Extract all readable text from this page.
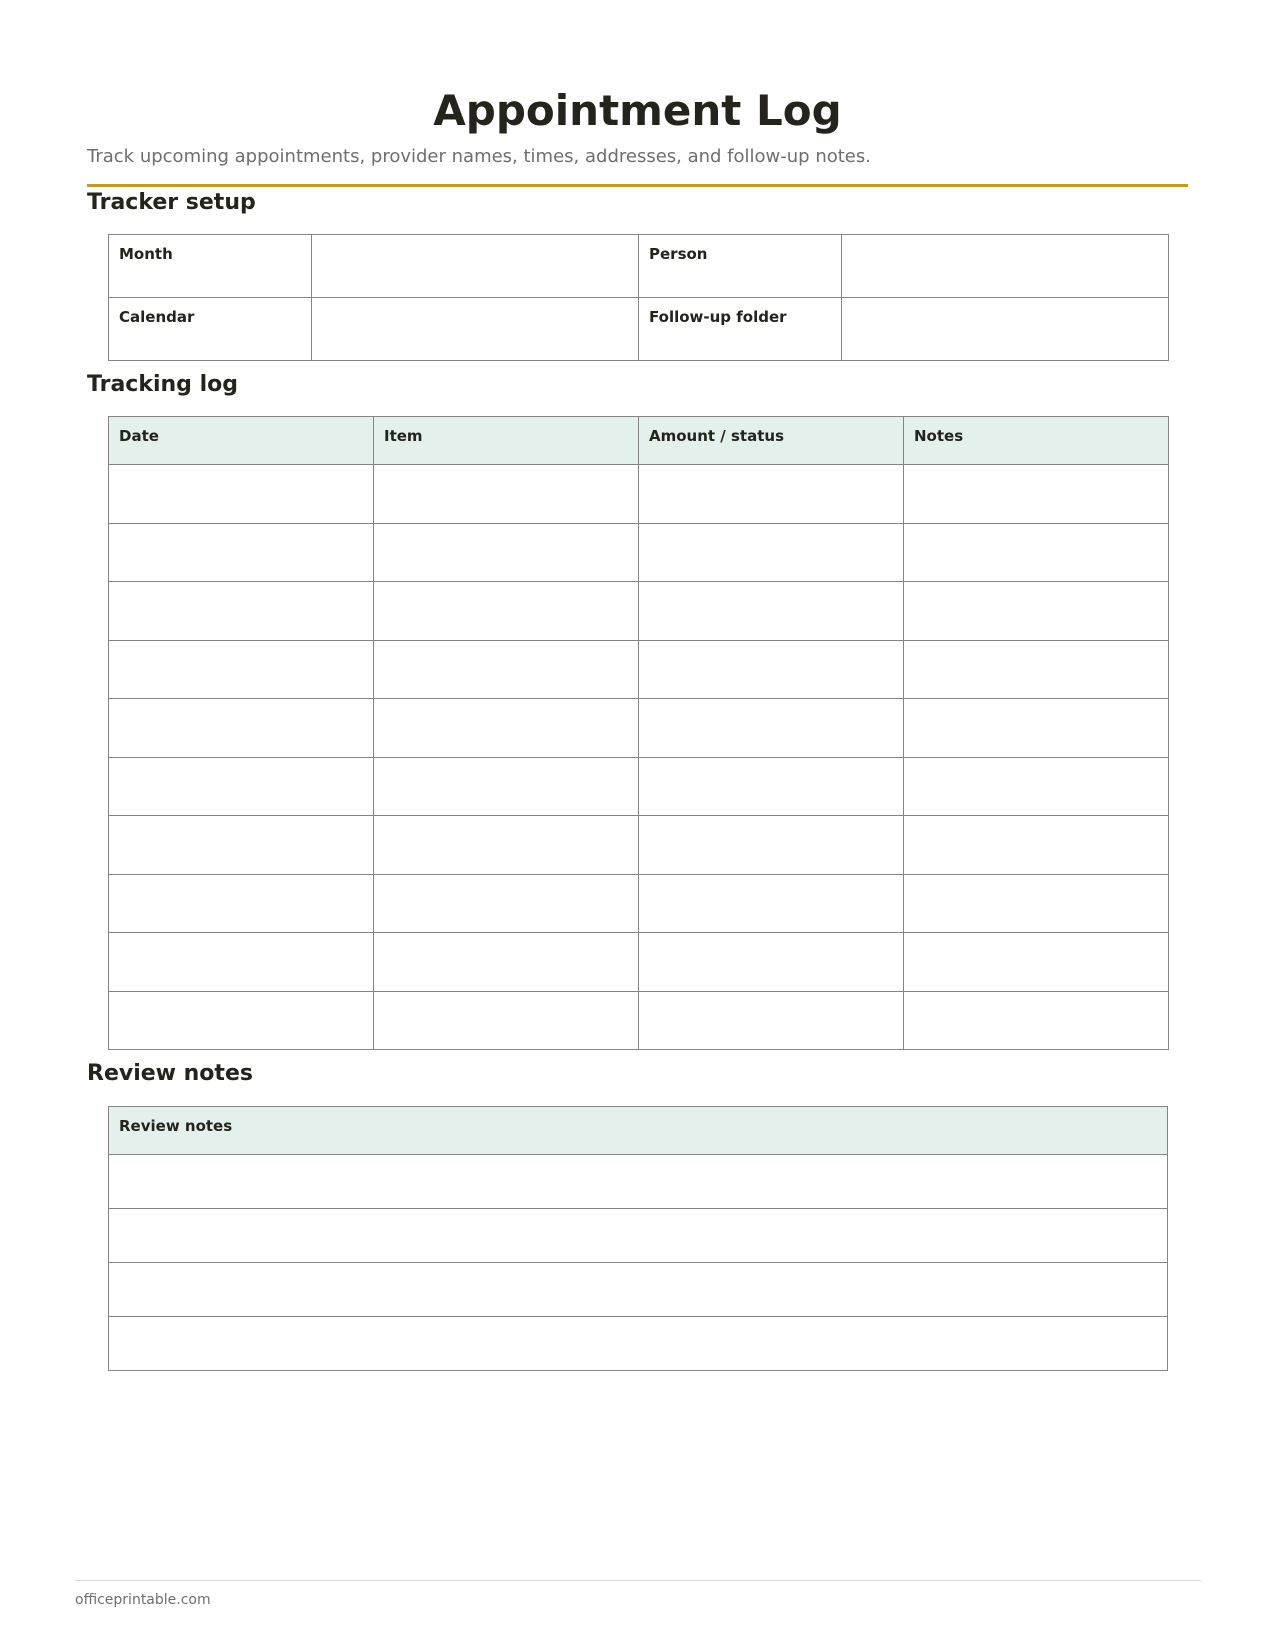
Appointment Log

Track upcoming appointments, provider names, times, addresses, and follow-up notes.

Tracker setup
Month		Person	

Calendar		Follow-up folder	

Tracking log
Date	Item	Amount / status	Notes

Review notes
Review notes

officeprintable.com
